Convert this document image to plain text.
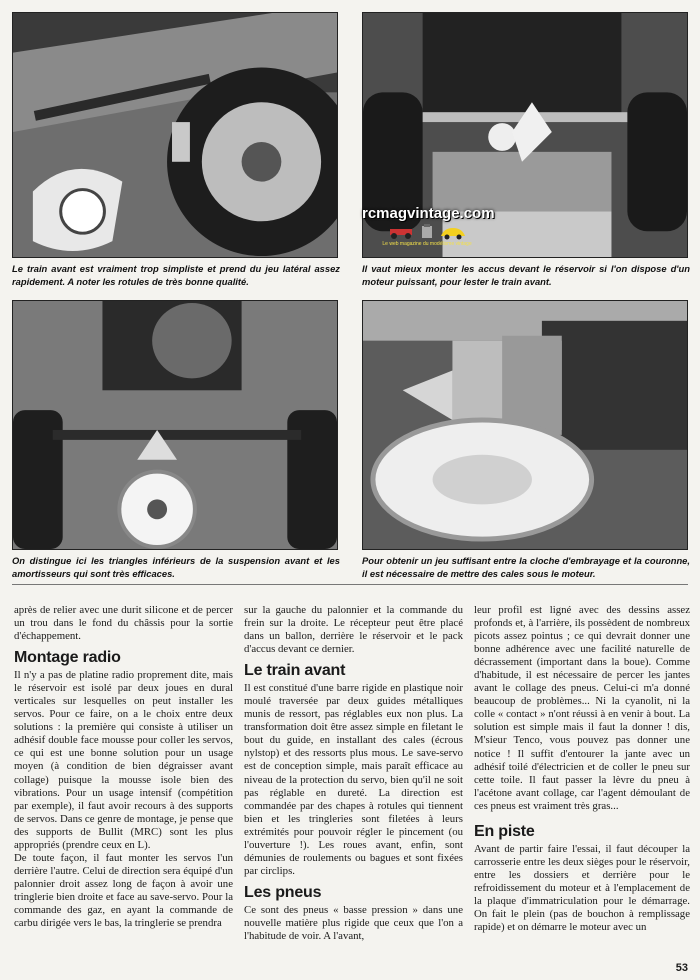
Le train avant est vraiment trop simpliste et prend du jeu latéral assez rapidement. A noter les rotules de très bonne qualité.
Il vaut mieux monter les accus devant le réservoir si l'on dispose d'un moteur puissant, pour lester le train avant.
On distingue ici les triangles inférieurs de la suspension avant et les amortisseurs qui sont très efficaces.
Pour obtenir un jeu suffisant entre la cloche d'embrayage et la couronne, il est nécessaire de mettre des cales sous le moteur.
rcmagvintage.com
Le web magazine du modélisme vintage

après de relier avec une durit silicone et de percer un trou dans le fond du châssis pour la sortie d'échappement.

Montage radio

Il n'y a pas de platine radio proprement dite, mais le réservoir est isolé par deux joues en dural verticales sur lesquelles on peut installer les servos. Pour ce faire, on a le choix entre deux solutions : la première qui consiste à utiliser un adhésif double face mousse pour coller les servos, ce qui est une bonne solution pour un usage moyen (à condition de bien dégraisser avant collage) puisque la mousse isole bien des vibrations. Pour un usage intensif (compétition par exemple), il faut avoir recours à des supports de servos. Dans ce genre de montage, je pense que des supports de Bullit (MRC) sont les plus appropriés (prendre ceux en L).

De toute façon, il faut monter les servos l'un derrière l'autre. Celui de direction sera équipé d'un palonnier droit assez long de façon à avoir une tringlerie bien droite et face au save-servo. Pour la commande des gaz, en ayant la commande de carbu dirigée vers le bas, la tringlerie se prendra

sur la gauche du palonnier et la commande du frein sur la droite. Le récepteur peut être placé dans un ballon, derrière le réservoir et le pack d'accus devant ce dernier.

Le train avant

Il est constitué d'une barre rigide en plastique noir moulé traversée par deux guides métalliques munis de ressort, pas réglables eux non plus. La transformation doit être assez simple en filetant le bout du guide, en installant des cales (écrous nylstop) et des ressorts plus mous. Le save-servo est de conception simple, mais paraît efficace au niveau de la protection du servo, bien qu'il ne soit pas réglable en dureté. La direction est commandée par des chapes à rotules qui tiennent bien et les tringleries sont filetées à leurs extrémités pour pouvoir régler le pincement (ou l'ouverture !). Les roues avant, enfin, sont démunies de roulements ou bagues et sont fixées par circlips.

Les pneus

Ce sont des pneus « basse pression » dans une nouvelle matière plus rigide que ceux que l'on a l'habitude de voir. A l'avant,

leur profil est ligné avec des dessins assez profonds et, à l'arrière, ils possèdent de nombreux picots assez pointus ; ce qui devrait donner une bonne adhérence avec une facilité naturelle de décrassement (important dans la boue). Comme d'habitude, il est nécessaire de percer les jantes avant le collage des pneus. Celui-ci m'a donné beaucoup de problèmes... Ni la cyanolit, ni la colle « contact » n'ont réussi à en venir à bout. La solution est simple mais il faut la donner ! dis, M'sieur Tenco, vous pouvez pas donner une notice ! Il suffit d'entourer la jante avec un adhésif toilé d'électricien et de coller le pneu sur cette toile. Il faut passer la lèvre du pneu à l'acétone avant collage, car l'agent démoulant de ces pneus est vraiment très gras...

En piste

Avant de partir faire l'essai, il faut découper la carrosserie entre les deux sièges pour le réservoir, entre les dossiers et derrière pour le refroidissement du moteur et à l'emplacement de la plaque d'immatriculation pour le démarrage. On fait le plein (pas de bouchon à remplissage rapide) et on démarre le moteur avec un

53
